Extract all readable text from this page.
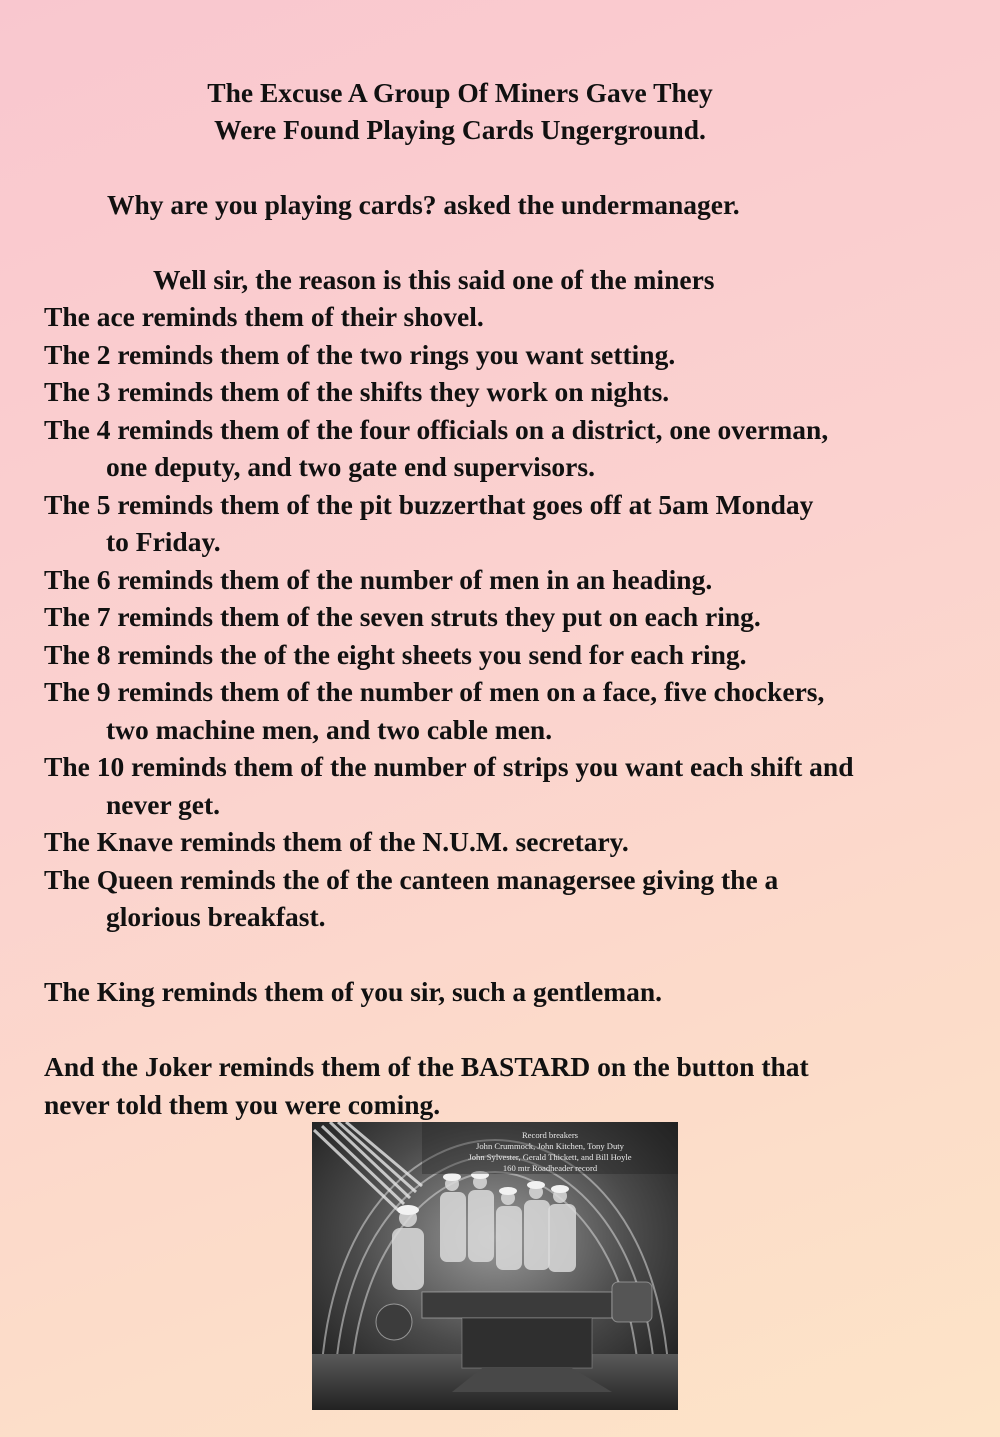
The Excuse A Group Of Miners Gave They

Were Found Playing Cards Ungerground.

Why are you playing cards? asked the undermanager.

Well sir, the reason is this said one of the miners

The ace reminds them of their shovel.

The 2 reminds them of the two rings you want setting.

The 3 reminds them of the shifts they work on nights.

The 4 reminds them of the four officials on a district, one overman,

one deputy, and two gate end supervisors.

The 5 reminds them of the pit buzzerthat goes off at 5am Monday

to Friday.

The 6 reminds them of the number of men in an heading.

The 7 reminds them of the seven struts they put on each ring.

The 8 reminds the of the eight sheets you send for each ring.

The 9 reminds them of the number of men on a face, five chockers,

two machine men, and two cable men.

The 10 reminds them of the number of strips you want each shift and

never get.

The Knave reminds them of the N.U.M. secretary.

The Queen reminds the of the canteen managersee giving the a

glorious breakfast.

The King reminds them of you sir, such a gentleman.

And the Joker reminds them of the BASTARD on the button that

never told them you were coming.

Record breakers
John Crummock, John Kitchen, Tony Duty
John Sylvester, Gerald Thickett, and Bill Hoyle
160 mtr Roadheader record
